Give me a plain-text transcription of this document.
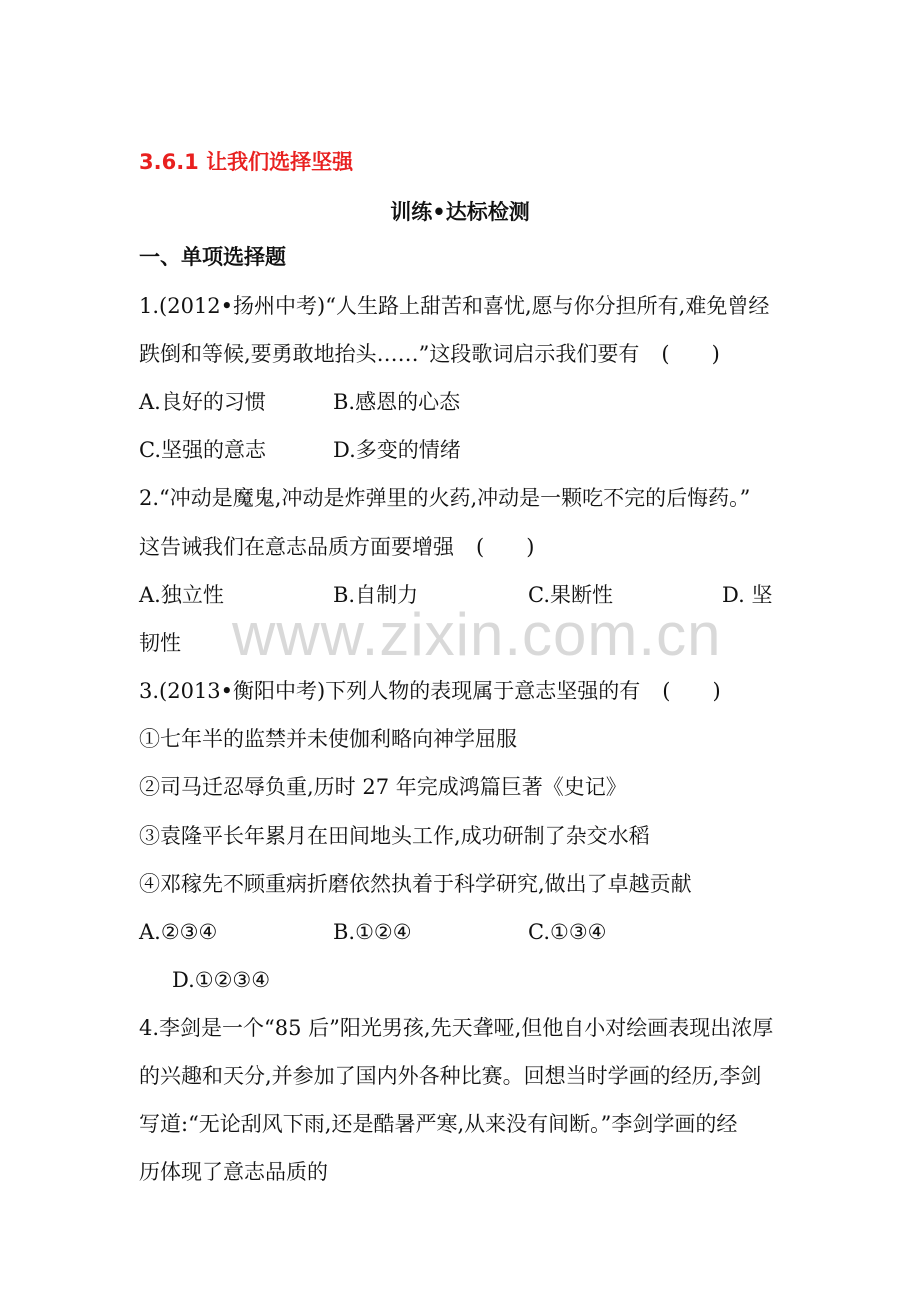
3.6.1 让我们选择坚强
训练•达标检测
一、单项选择题
www.zixin.com.cn
1.(2012•扬州中考)“人生路上甜苦和喜忧,愿与你分担所有,难免曾经
跌倒和等候,要勇敢地抬头……”这段歌词启示我们要有 (　　)
A.良好的习惯	B.感恩的心态
C.坚强的意志	D.多变的情绪
2.“冲动是魔鬼,冲动是炸弹里的火药,冲动是一颗吃不完的后悔药。”
这告诫我们在意志品质方面要增强 (　　)
A.独立性	B.自制力	C.果断性	D. 坚
韧性
3.(2013•衡阳中考)下列人物的表现属于意志坚强的有 (　　)
①七年半的监禁并未使伽利略向神学屈服
②司马迁忍辱负重,历时 27 年完成鸿篇巨著《史记》
③袁隆平长年累月在田间地头工作,成功研制了杂交水稻
④邓稼先不顾重病折磨依然执着于科学研究,做出了卓越贡献
A.②③④	B.①②④	C.①③④
D.①②③④
4.李剑是一个“85 后”阳光男孩,先天聋哑,但他自小对绘画表现出浓厚
的兴趣和天分,并参加了国内外各种比赛。回想当时学画的经历,李剑
写道:“无论刮风下雨,还是酷暑严寒,从来没有间断。”李剑学画的经
历体现了意志品质的
